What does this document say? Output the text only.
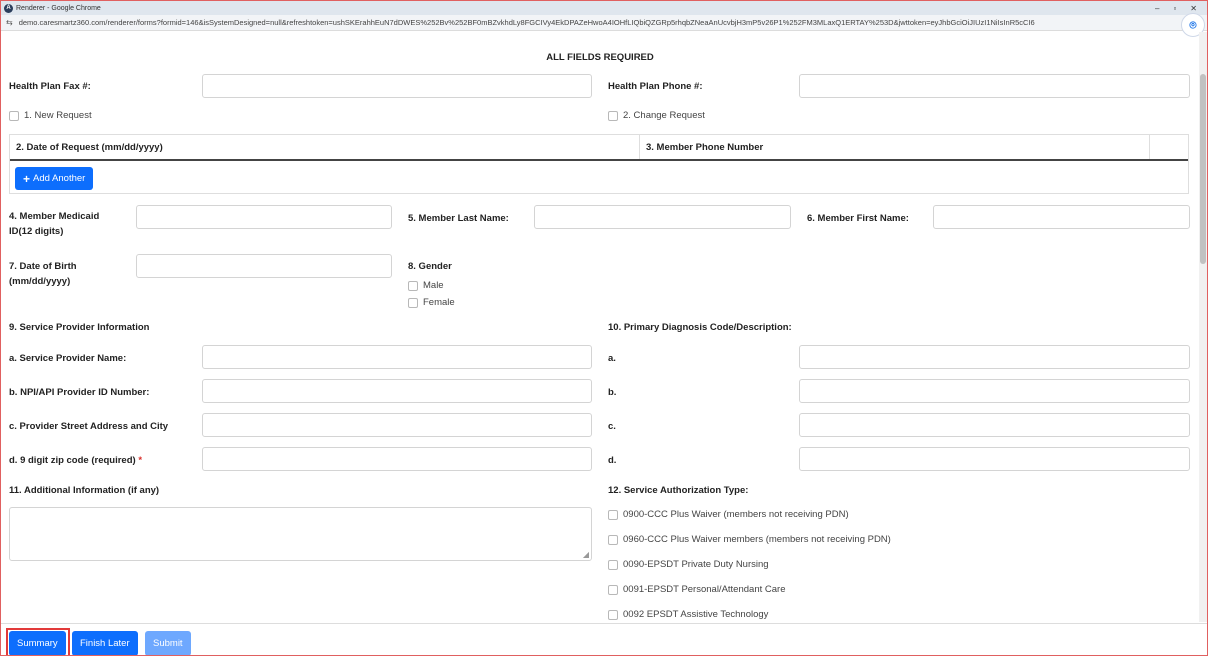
A Renderer - Google Chrome	– ▫ ✕
⇆ demo.caresmartz360.com/renderer/forms?formid=146&isSystemDesigned=null&refreshtoken=ushSKErahhEuN7dDWES%252Bv%252BF0mBZvkhdLy8FGCIVy4EkDPAZeHwoA4IOHfLIQbiQZGRp5rhqbZNeaAnUcvbjH3mP5v26P1%252FM3MLaxQ1ERTAY%253D&jwttoken=eyJhbGciOiJIUzI1NiIsInR5cCI6	⌾
ALL FIELDS REQUIRED
Health Plan Fax #:	Health Plan Phone #:
1. New Request	2. Change Request
2. Date of Request (mm/dd/yyyy)	3. Member Phone Number
+ Add Another
4. Member Medicaid ID(12 digits)
5. Member Last Name:	6. Member First Name:
7. Date of Birth (mm/dd/yyyy)
8. Gender
Male
Female
9. Service Provider Information	10. Primary Diagnosis Code/Description:
a. Service Provider Name:	a.
b. NPI/API Provider ID Number:	b.
c. Provider Street Address and City	c.
d. 9 digit zip code (required) *	d.
11. Additional Information (if any)
◢
12. Service Authorization Type:
0900-CCC Plus Waiver (members not receiving PDN)
0960-CCC Plus Waiver members (members not receiving PDN)
0090-EPSDT Private Duty Nursing
0091-EPSDT Personal/Attendant Care
0092 EPSDT Assistive Technology
Summary	Finish Later	Submit
